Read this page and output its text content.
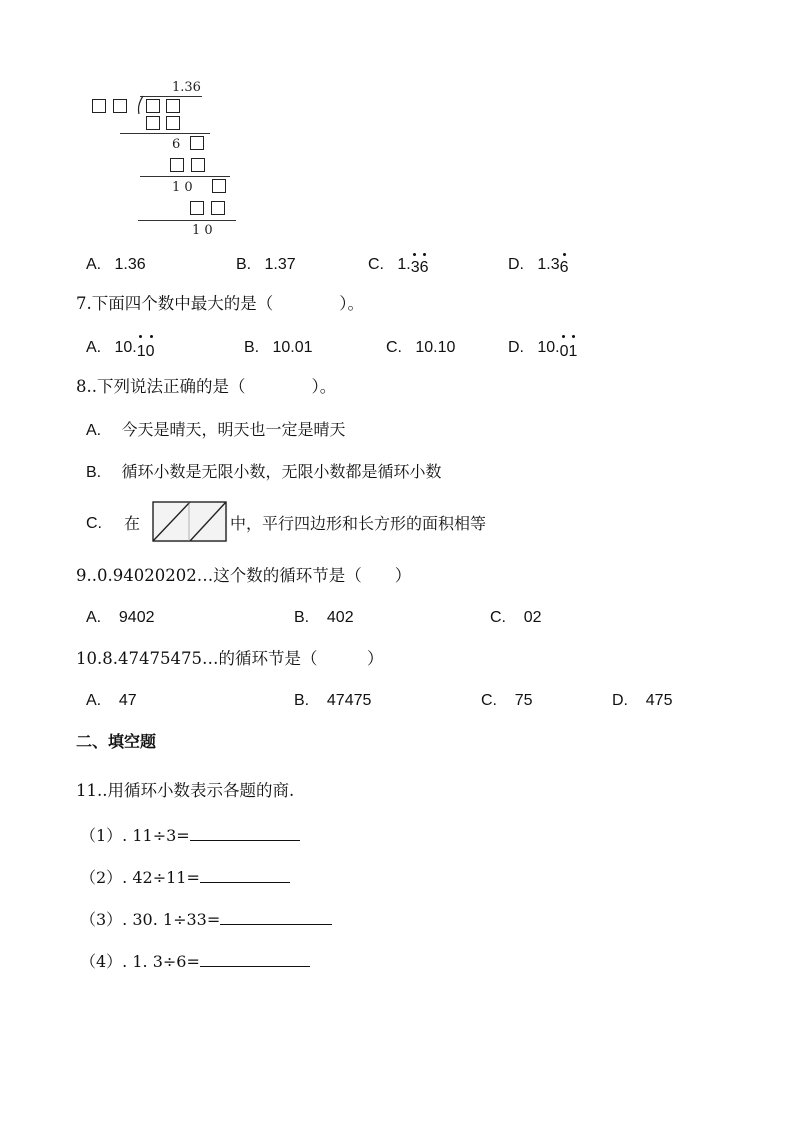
1.36
6
1 0
1 0
A. 1.36	B. 1.37	C. 1.
36	D. 1.3
6
7.下面四个数中最大的是（　　　　）。
A. 10.
10	B. 10.01	C. 10.10	D. 10.
01
8..下列说法正确的是（　　　　）。
A. 今天是晴天，明天也一定是晴天
B. 循环小数是无限小数，无限小数都是循环小数
C. 在	中，平行四边形和长方形的面积相等
9..0.94020202…这个数的循环节是（　　）
A. 9402	B. 402	C. 02
10.8.47475475…的循环节是（　　　）
A. 47	B. 47475	C. 75	D. 475
二、填空题
11..用循环小数表示各题的商.
（1）. 11÷3=
（2）. 42÷11=
（3）. 30. 1÷33=
（4）. 1. 3÷6=
